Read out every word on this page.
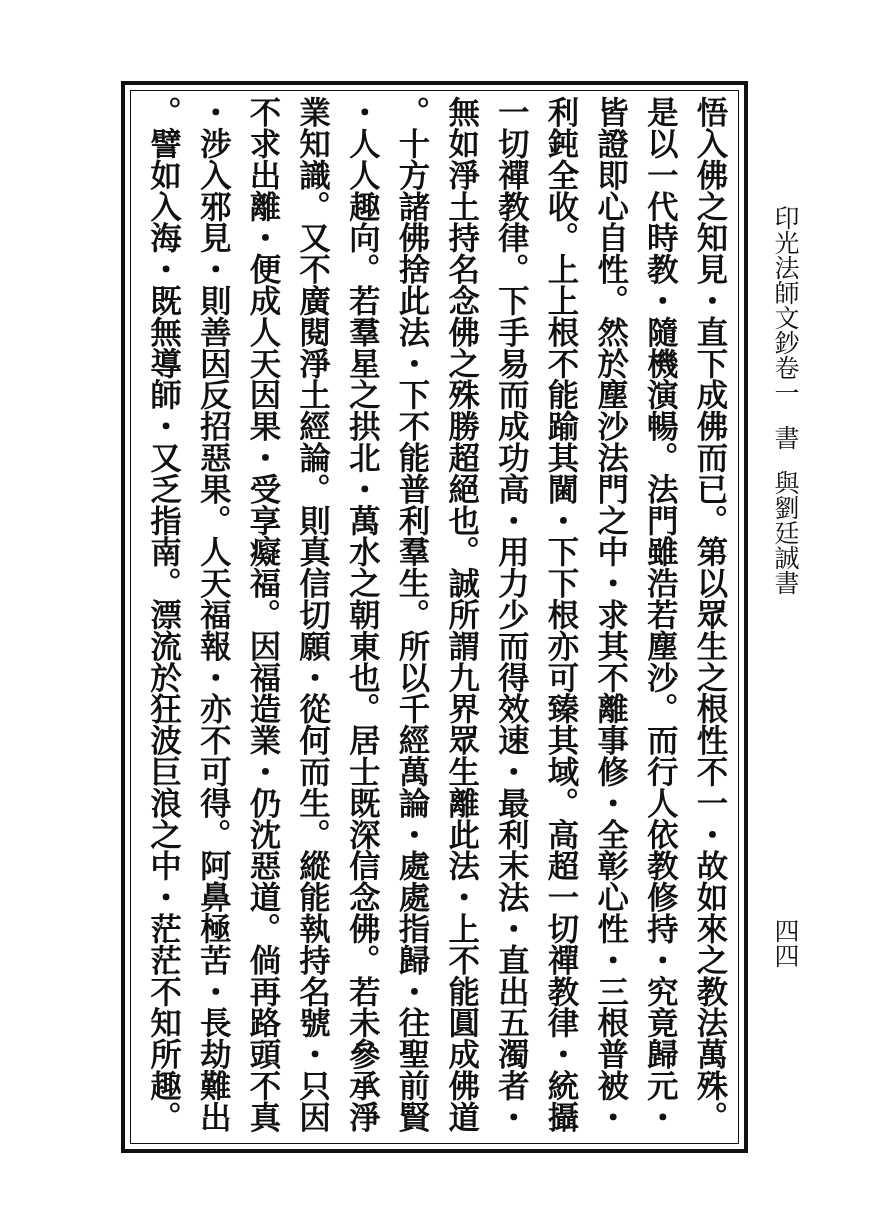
印光法師文鈔卷一書與劉廷誠書
四四
悟入佛之知見・直下成佛而已。第以眾生之根性不一・故如來之教法萬殊。
是以一代時教・隨機演暢。法門雖浩若塵沙。而行人依教修持・究竟歸元・
皆證即心自性。然於塵沙法門之中・求其不離事修・全彰心性・三根普被・
利鈍全收。上上根不能踰其閫・下下根亦可臻其域。高超一切禪教律・統攝
一切禪教律。下手易而成功高・用力少而得效速・最利末法・直出五濁者・
無如淨土持名念佛之殊勝超絕也。誠所謂九界眾生離此法・上不能圓成佛道
。十方諸佛捨此法・下不能普利羣生。所以千經萬論・處處指歸・往聖前賢
・人人趣向。若羣星之拱北・萬水之朝東也。居士既深信念佛。若未參承淨
業知識。又不廣閱淨土經論。則真信切願・從何而生。縱能執持名號・只因
不求出離・便成人天因果・受享癡福。因福造業・仍沈惡道。倘再路頭不真
・涉入邪見・則善因反招惡果。人天福報・亦不可得。阿鼻極苦・長劫難出
。譬如入海・既無導師・又乏指南。漂流於狂波巨浪之中・茫茫不知所趣。
